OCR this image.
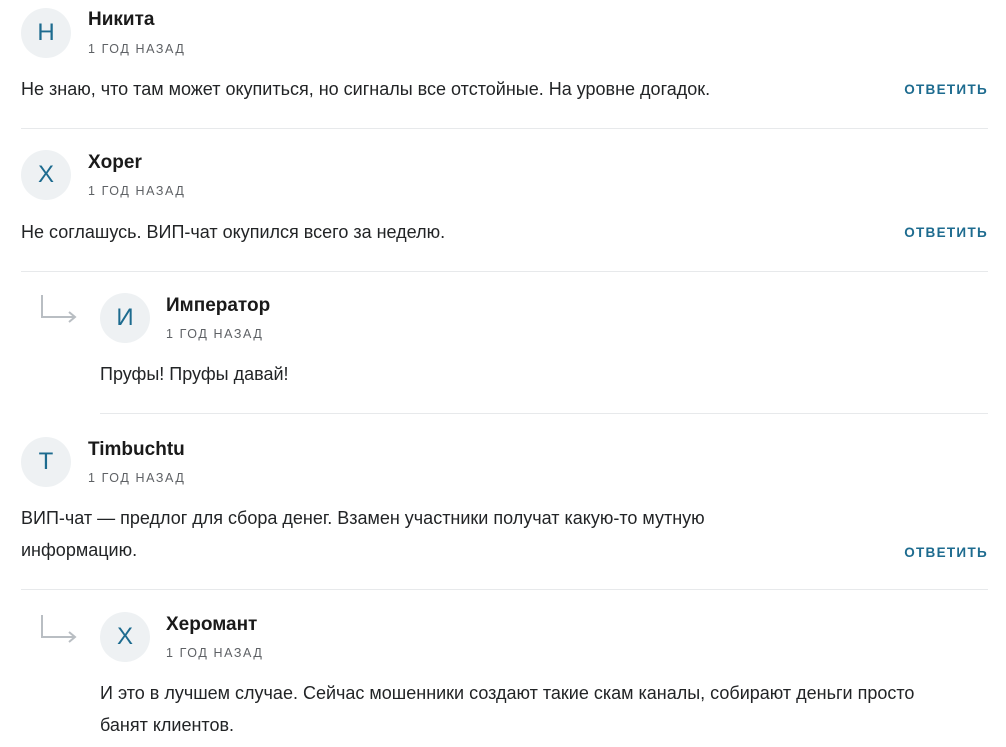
Н	Никита
1 ГОД НАЗАД
Не знаю, что там может окупиться, но сигналы все отстойные. На уровне догадок.	ОТВЕТИТЬ
Х	Xoper
1 ГОД НАЗАД
Не соглашусь. ВИП-чат окупился всего за неделю.	ОТВЕТИТЬ
И	Император
1 ГОД НАЗАД
Пруфы! Пруфы давай!
T	Timbuchtu
1 ГОД НАЗАД
ВИП-чат — предлог для сбора денег. Взамен участники получат какую-то мутную информацию.	ОТВЕТИТЬ
Х	Херомант
1 ГОД НАЗАД
И это в лучшем случае. Сейчас мошенники создают такие скам каналы, собирают деньги просто банят клиентов.
